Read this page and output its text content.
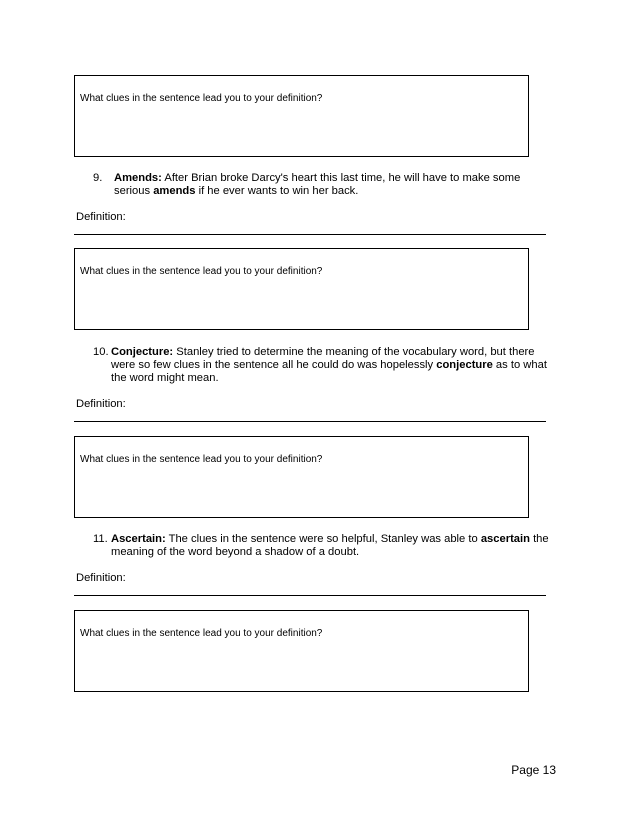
What clues in the sentence lead you to your definition?
9. Amends: After Brian broke Darcy's heart this last time, he will have to make some serious amends if he ever wants to win her back.
Definition:
What clues in the sentence lead you to your definition?
10. Conjecture: Stanley tried to determine the meaning of the vocabulary word, but there were so few clues in the sentence all he could do was hopelessly conjecture as to what the word might mean.
Definition:
What clues in the sentence lead you to your definition?
11. Ascertain: The clues in the sentence were so helpful, Stanley was able to ascertain the meaning of the word beyond a shadow of a doubt.
Definition:
What clues in the sentence lead you to your definition?
Page 13
